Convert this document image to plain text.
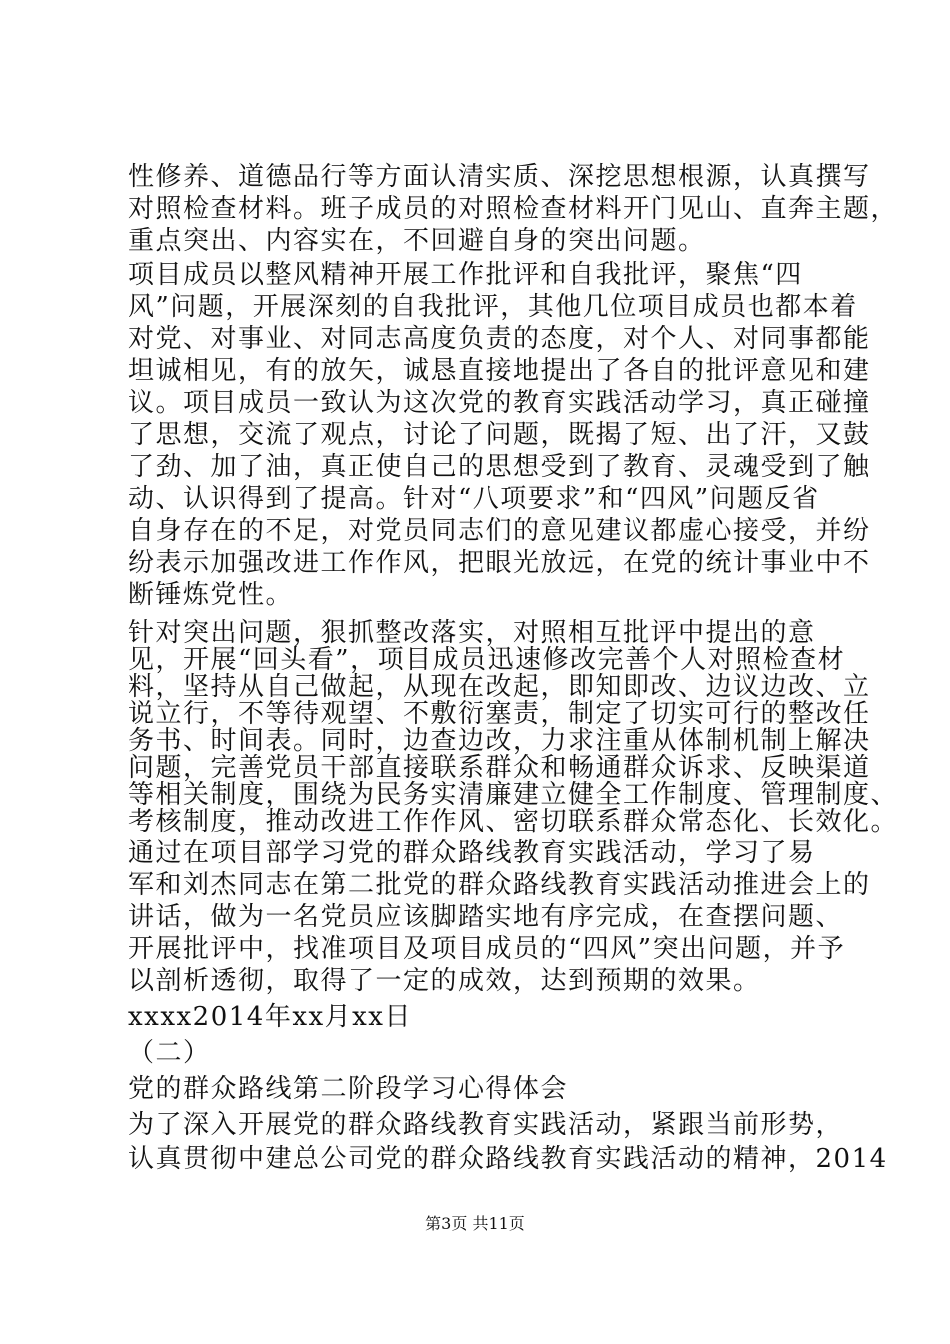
性修养、道德品行等方面认清实质、深挖思想根源，认真撰写
对照检查材料。班子成员的对照检查材料开门见山、直奔主题，
重点突出、内容实在，不回避自身的突出问题。
项目成员以整风精神开展工作批评和自我批评，聚焦“四
风”问题，开展深刻的自我批评，其他几位项目成员也都本着
对党、对事业、对同志高度负责的态度，对个人、对同事都能
坦诚相见，有的放矢，诚恳直接地提出了各自的批评意见和建
议。项目成员一致认为这次党的教育实践活动学习，真正碰撞
了思想，交流了观点，讨论了问题，既揭了短、出了汗，又鼓
了劲、加了油，真正使自己的思想受到了教育、灵魂受到了触
动、认识得到了提高。针对“八项要求”和“四风”问题反省
自身存在的不足，对党员同志们的意见建议都虚心接受，并纷
纷表示加强改进工作作风，把眼光放远，在党的统计事业中不
断锤炼党性。
针对突出问题，狠抓整改落实，对照相互批评中提出的意
见，开展“回头看”，项目成员迅速修改完善个人对照检查材
料，坚持从自己做起，从现在改起，即知即改、边议边改、立
说立行，不等待观望、不敷衍塞责，制定了切实可行的整改任
务书、时间表。同时，边查边改，力求注重从体制机制上解决
问题，完善党员干部直接联系群众和畅通群众诉求、反映渠道
等相关制度，围绕为民务实清廉建立健全工作制度、管理制度、
考核制度，推动改进工作作风、密切联系群众常态化、长效化。
通过在项目部学习党的群众路线教育实践活动，学习了易
军和刘杰同志在第二批党的群众路线教育实践活动推进会上的
讲话，做为一名党员应该脚踏实地有序完成，在查摆问题、
开展批评中，找准项目及项目成员的“四风”突出问题，并予
以剖析透彻，取得了一定的成效，达到预期的效果。
xxxx2014年xx月xx日
（二）
党的群众路线第二阶段学习心得体会
为了深入开展党的群众路线教育实践活动，紧跟当前形势，
认真贯彻中建总公司党的群众路线教育实践活动的精神，2014
第3页 共11页
